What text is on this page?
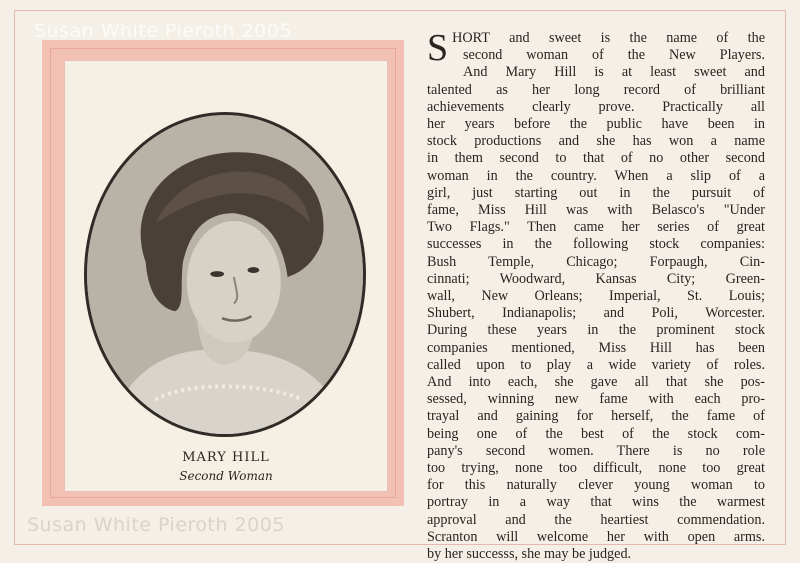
MARY HILL
Second Woman
Susan White Pieroth 2005
Susan White Pieroth 2005
S HORT and sweet is the name of the
second woman of the New Players.
And Mary Hill is at least sweet and
talented as her long record of brilliant
achievements clearly prove. Practically all
her years before the public have been in
stock productions and she has won a name
in them second to that of no other second
woman in the country. When a slip of a
girl, just starting out in the pursuit of
fame, Miss Hill was with Belasco's "Under
Two Flags." Then came her series of great
successes in the following stock companies:
Bush Temple, Chicago; Forpaugh, Cin-
cinnati; Woodward, Kansas City; Green-
wall, New Orleans; Imperial, St. Louis;
Shubert, Indianapolis; and Poli, Worcester.
During these years in the prominent stock
companies mentioned, Miss Hill has been
called upon to play a wide variety of roles.
And into each, she gave all that she pos-
sessed, winning new fame with each pro-
trayal and gaining for herself, the fame of
being one of the best of the stock com-
pany's second women. There is no role
too trying, none too difficult, none too great
for this naturally clever young woman to
portray in a way that wins the warmest
approval and the heartiest commendation.
Scranton will welcome her with open arms.
by her successs, she may be judged.
